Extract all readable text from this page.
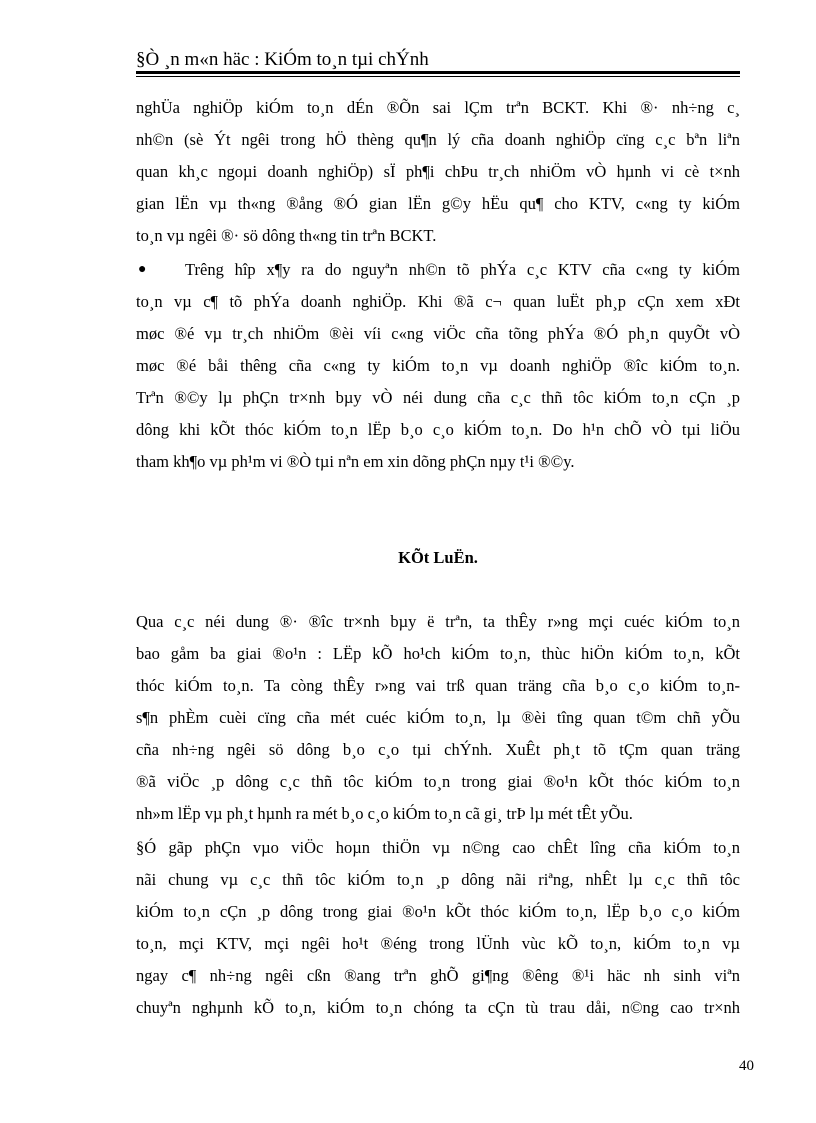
§Ò ¸n m«n häc : KiÓm to¸n tµi chÝnh
nghÜa nghiÖp kiÓm to¸n dÉn ®Õn sai lÇm trªn BCKT. Khi ®· nh÷ng c¸
nh©n (sè Ýt ngêi trong hÖ thèng qu¶n lý cña doanh nghiÖp cïng c¸c bªn liªn
quan kh¸c ngoµi doanh nghiÖp) sÏ ph¶i chÞu tr¸ch nhiÖm vÒ hµnh vi cè t×nh
gian lËn vµ th«ng ®ång ®Ó gian lËn g©y hËu qu¶ cho KTV, c«ng ty kiÓm
to¸n vµ ngêi ®· sö dông th«ng tin trªn BCKT.
● Trêng hîp x¶y ra do nguyªn nh©n tõ phÝa c¸c KTV cña c«ng ty kiÓm
to¸n vµ c¶ tõ phÝa doanh nghiÖp. Khi ®ã c¬ quan luËt ph¸p cÇn xem xÐt
møc ®é vµ tr¸ch nhiÖm ®èi víi c«ng viÖc cña tõng phÝa ®Ó ph¸n quyÕt vÒ
møc ®é båi thêng cña c«ng ty kiÓm to¸n vµ doanh nghiÖp ®îc kiÓm to¸n.
Trªn ®©y lµ phÇn tr×nh bµy vÒ néi dung cña c¸c thñ tôc kiÓm to¸n cÇn ¸p
dông khi kÕt thóc kiÓm to¸n lËp b¸o c¸o kiÓm to¸n. Do h¹n chÕ vÒ tµi liÖu
tham kh¶o vµ ph¹m vi ®Ò tµi nªn em xin dõng phÇn nµy t¹i ®©y.
KÕt LuËn.
Qua c¸c néi dung ®· ®îc tr×nh bµy ë trªn, ta thÊy r»ng mçi cuéc kiÓm to¸n
bao gåm ba giai ®o¹n : LËp kÕ ho¹ch kiÓm to¸n, thùc hiÖn kiÓm to¸n, kÕt
thóc kiÓm to¸n. Ta còng thÊy r»ng vai trß quan träng cña b¸o c¸o kiÓm to¸n-
s¶n phÈm cuèi cïng cña mét cuéc kiÓm to¸n, lµ ®èi tîng quan t©m chñ yÕu
cña nh÷ng ngêi sö dông b¸o c¸o tµi chÝnh. XuÊt ph¸t tõ tÇm quan träng
®ã viÖc ¸p dông c¸c thñ tôc kiÓm to¸n trong giai ®o¹n kÕt thóc kiÓm to¸n
nh»m lËp vµ ph¸t hµnh ra mét b¸o c¸o kiÓm to¸n cã gi¸ trÞ lµ mét tÊt yÕu.
§Ó gãp phÇn vµo viÖc hoµn thiÖn vµ n©ng cao chÊt lîng cña kiÓm to¸n
nãi chung vµ c¸c thñ tôc kiÓm to¸n ¸p dông nãi riªng, nhÊt lµ c¸c thñ tôc
kiÓm to¸n cÇn ¸p dông trong giai ®o¹n kÕt thóc kiÓm to¸n, lËp b¸o c¸o kiÓm
to¸n, mçi KTV, mçi ngêi ho¹t ®éng trong lÜnh vùc kÕ to¸n, kiÓm to¸n vµ
ngay c¶ nh÷ng ngêi cßn ®ang trªn ghÕ gi¶ng ®êng ®¹i häc nh sinh viªn
chuyªn nghµnh kÕ to¸n, kiÓm to¸n chóng ta cÇn tù trau dåi, n©ng cao tr×nh
40
